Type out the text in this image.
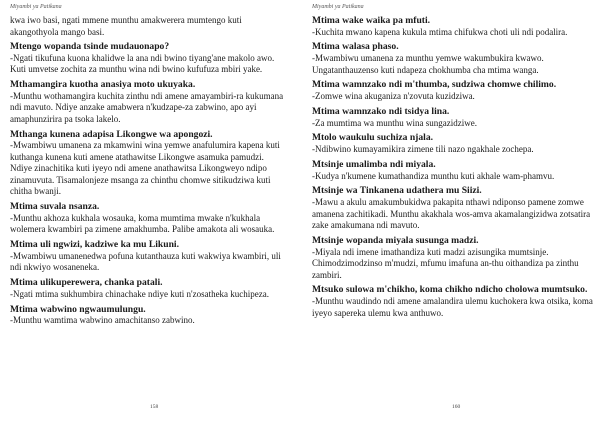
Miyambi ya Patikana

kwa iwo basi, ngati mmene munthu amakwerera mumtengo kuti akangothyola mango basi.

Mtengo wopanda tsinde mudauonapo?

-Ngati tikufuna kuona khalidwe la ana ndi bwino tiyang'ane makolo awo. Kuti umvetse zochita za munthu wina ndi bwino kufufuza mbiri yake.

Mthamangira kuotha anasiya moto ukuyaka.

-Munthu wothamangira kuchita zinthu ndi amene amayambiri-ra kukumana ndi mavuto. Ndiye anzake amabwera n'kudzape-za zabwino, apo ayi amaphunzirira pa tsoka lakelo.

Mthanga kunena adapisa Likongwe wa apongozi.

-Mwambiwu umanena za mkamwini wina yemwe anafulumira kapena kuti kuthanga kunena kuti amene atathawitse Likongwe asamuka pamudzi. Ndiye zinachitika kuti iyeyo ndi amene anathawitsa Likongweyo ndipo zinamuvuta. Tisamalonjeze msanga za chinthu chomwe sitikudziwa kuti chitha bwanji.

Mtima suvala nsanza.

-Munthu akhoza kukhala wosauka, koma mumtima mwake n'kukhala wolemera kwambiri pa zimene amakhumba. Palibe amakota ali wosauka.

Mtima uli ngwizi, kadziwe ka mu Likuni.

-Mwambiwu umanenedwa pofuna kutanthauza kuti wakwiya kwambiri, uli ndi nkwiyo wosaneneka.

Mtima ulikuperewera, chanka patali.

-Ngati mtima sukhumbira chinachake ndiye kuti n'zosatheka kuchipeza.

Mtima wabwino ngwaumulungu.

-Munthu wamtima wabwino amachitanso zabwino.

158
Miyambi ya Patikana

Mtima wake waika pa mfuti.

-Kuchita mwano kapena kukula mtima chifukwa choti uli ndi podalira.

Mtima walasa phaso.

-Mwambiwu umanena za munthu yemwe wakumbukira kwawo. Ungatanthauzenso kuti ndapeza chokhumba cha mtima wanga.

Mtima wamnzako ndi m'thumba, sudziwa chomwe chilimo.

-Zomwe wina akuganiza n'zovuta kuzidziwa.

Mtima wamnzako ndi tsidya lina.

-Za mumtima wa munthu wina sungazidziwe.

Mtolo waukulu suchiza njala.

-Ndibwino kumayamikira zimene tili nazo ngakhale zochepa.

Mtsinje umalimba ndi miyala.

-Kudya n'kumene kumathandiza munthu kuti akhale wam-phamvu.

Mtsinje wa Tinkanena udathera mu Siizi.

-Mawu a akulu amakumbukidwa pakapita nthawi ndiponso pamene zomwe amanena zachitikadi. Munthu akakhala wos-amva akamalangizidwa zotsatira zake amakumana ndi mavuto.

Mtsinje wopanda miyala susunga madzi.

-Miyala ndi imene imathandiza kuti madzi azisungika mumtsinje. Chimodzimodzinso m'mudzi, mfumu imafuna an-thu oithandiza pa zinthu zambiri.

Mtsuko sulowa m'chikho, koma chikho ndicho cholowa mumtsuko.

-Munthu waudindo ndi amene amalandira ulemu kuchokera kwa otsika, koma iyeyo sapereka ulemu kwa anthuwo.

160
